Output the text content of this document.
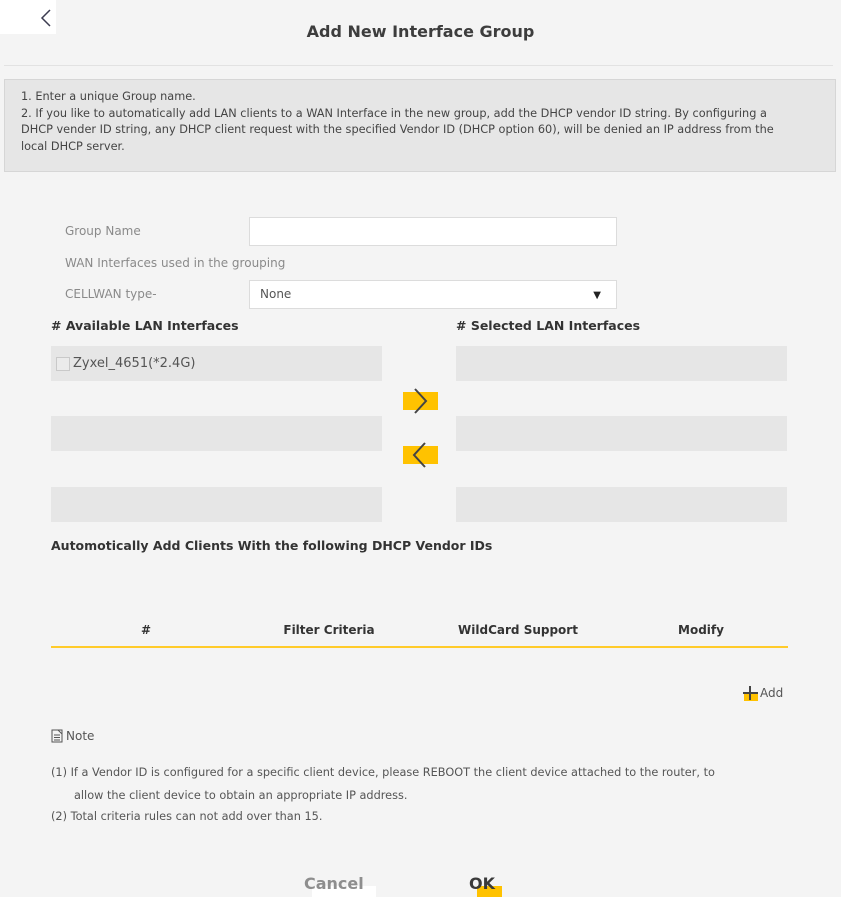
Add New Interface Group

1. Enter a unique Group name.

2. If you like to automatically add LAN clients to a WAN Interface in the new group, add the DHCP vendor ID string. By configuring a

DHCP vender ID string, any DHCP client request with the specified Vendor ID (DHCP option 60), will be denied an IP address from the

local DHCP server.

Group Name
WAN Interfaces used in the grouping
CELLWAN type-	None	▼
# Available LAN Interfaces	# Selected LAN Interfaces
Zyxel_4651(*2.4G)
Automotically Add Clients With the following DHCP Vendor IDs
#	Filter Criteria	WildCard Support	Modify
Add
Note
(1) If a Vendor ID is configured for a specific client device, please REBOOT the client device attached to the router, to
allow the client device to obtain an appropriate IP address.
(2) Total criteria rules can not add over than 15.
Cancel	OK
